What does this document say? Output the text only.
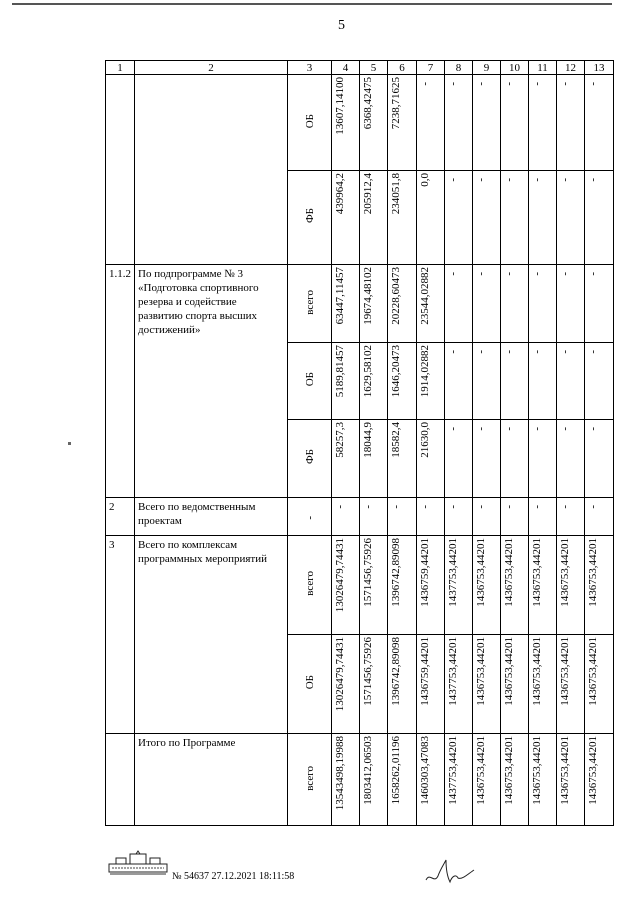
5
1	2	3	4	5	6	7	8	9	10	11	12	13
		ОБ	13607,14100	6368,42475	7238,71625	-	-	-	-	-	-	-
		ФБ	439964,2	205912,4	234051,8	0,0	-	-	-	-	-	-
1.1.2	По подпрограмме № 3 «Подготовка спортивного резерва и содействие развитию спорта высших достижений»	всего	63447,11457	19674,48102	20228,60473	23544,02882	-	-	-	-	-	-
		ОБ	5189,81457	1629,58102	1646,20473	1914,02882	-	-	-	-	-	-
		ФБ	58257,3	18044,9	18582,4	21630,0	-	-	-	-	-	-
2	Всего по ведомственным проектам	-	-	-	-	-	-	-	-	-	-	-
3	Всего по комплексам программных мероприятий	всего	13026479,74431	1571456,75926	1396742,89098	1436759,44201	1437753,44201	1436753,44201	1436753,44201	1436753,44201	1436753,44201	1436753,44201
		ОБ	13026479,74431	1571456,75926	1396742,89098	1436759,44201	1437753,44201	1436753,44201	1436753,44201	1436753,44201	1436753,44201	1436753,44201
	Итого по Программе	всего	13543498,19988	1803412,06503	1658262,01196	1460303,47083	1437753,44201	1436753,44201	1436753,44201	1436753,44201	1436753,44201	1436753,44201
№ 54637 27.12.2021 18:11:58
